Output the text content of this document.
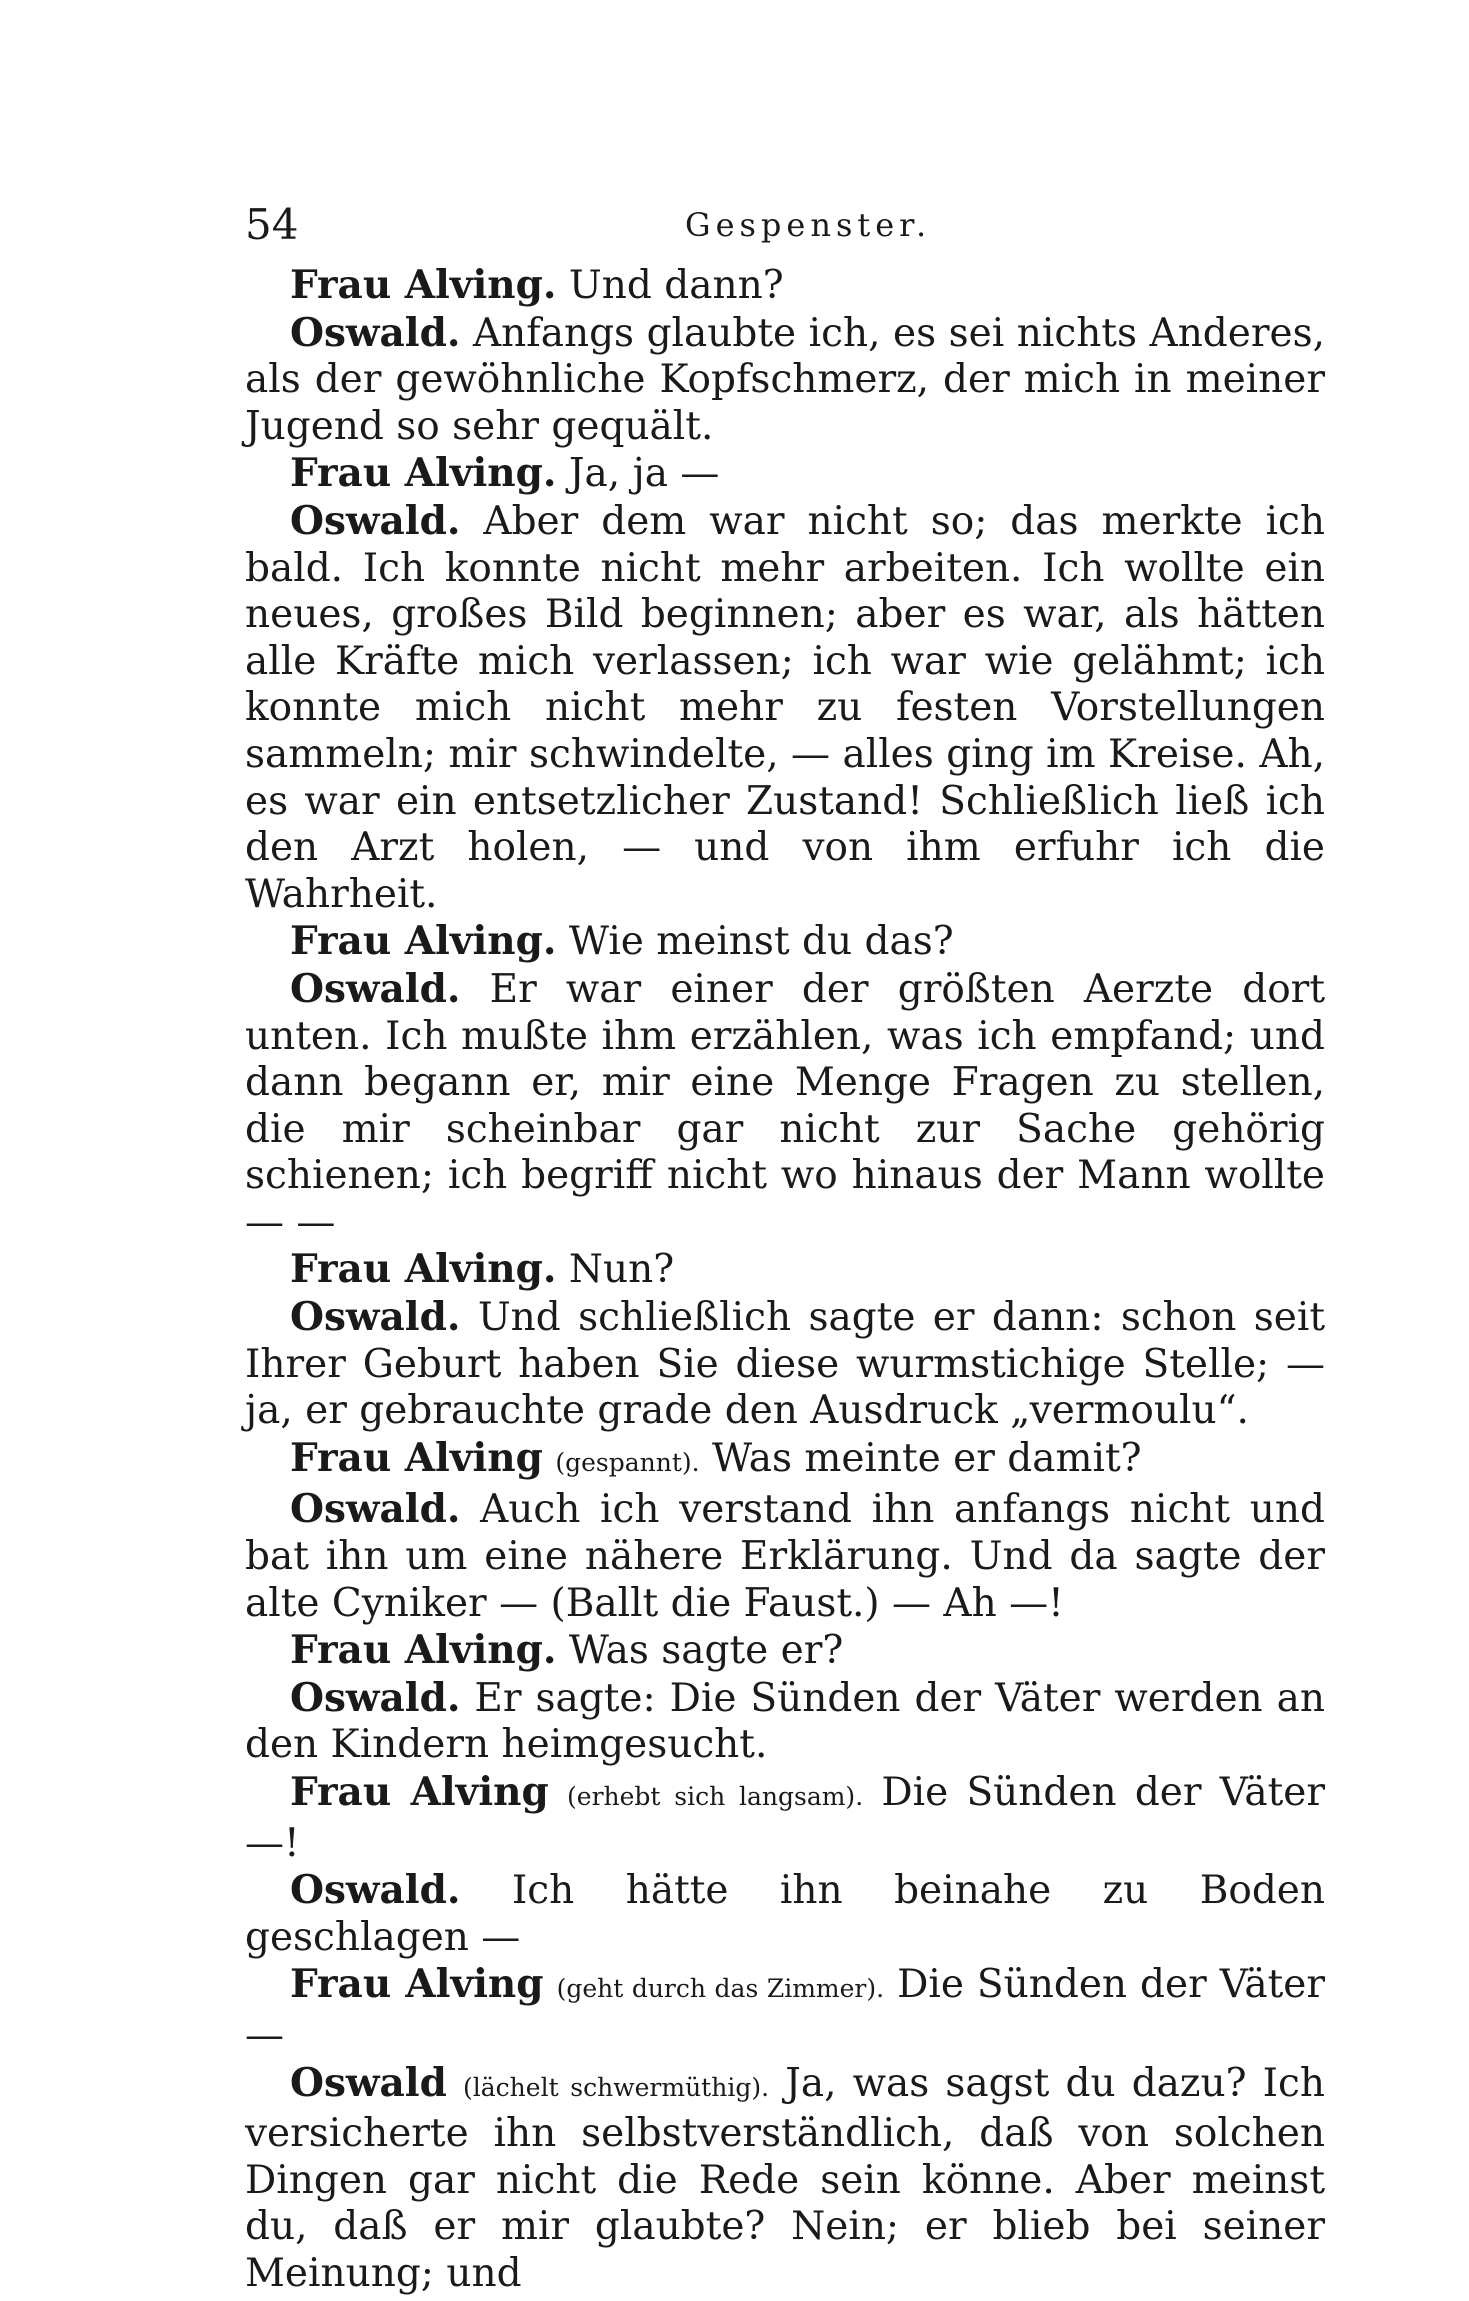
54	Gespenster.

Frau Alving. Und dann?

Oswald. Anfangs glaubte ich, es sei nichts Anderes, als der gewöhnliche Kopfschmerz, der mich in meiner Jugend so sehr gequält.

Frau Alving. Ja, ja —

Oswald. Aber dem war nicht so; das merkte ich bald. Ich konnte nicht mehr arbeiten. Ich wollte ein neues, großes Bild beginnen; aber es war, als hätten alle Kräfte mich verlassen; ich war wie gelähmt; ich konnte mich nicht mehr zu festen Vorstellungen sammeln; mir schwindelte, — alles ging im Kreise. Ah, es war ein entsetzlicher Zustand! Schließlich ließ ich den Arzt holen, — und von ihm erfuhr ich die Wahrheit.

Frau Alving. Wie meinst du das?

Oswald. Er war einer der größten Aerzte dort unten. Ich mußte ihm erzählen, was ich empfand; und dann begann er, mir eine Menge Fragen zu stellen, die mir scheinbar gar nicht zur Sache gehörig schienen; ich begriff nicht wo hinaus der Mann wollte — —

Frau Alving. Nun?

Oswald. Und schließlich sagte er dann: schon seit Ihrer Geburt haben Sie diese wurmstichige Stelle; — ja, er gebrauchte grade den Ausdruck „vermoulu“.

Frau Alving (gespannt). Was meinte er damit?

Oswald. Auch ich verstand ihn anfangs nicht und bat ihn um eine nähere Erklärung. Und da sagte der alte Cyniker — (Ballt die Faust.) — Ah —!

Frau Alving. Was sagte er?

Oswald. Er sagte: Die Sünden der Väter werden an den Kindern heimgesucht.

Frau Alving (erhebt sich langsam). Die Sünden der Väter —!

Oswald. Ich hätte ihn beinahe zu Boden geschlagen —

Frau Alving (geht durch das Zimmer). Die Sünden der Väter —

Oswald (lächelt schwermüthig). Ja, was sagst du dazu? Ich versicherte ihn selbstverständlich, daß von solchen Dingen gar nicht die Rede sein könne. Aber meinst du, daß er mir glaubte? Nein; er blieb bei seiner Meinung; und
